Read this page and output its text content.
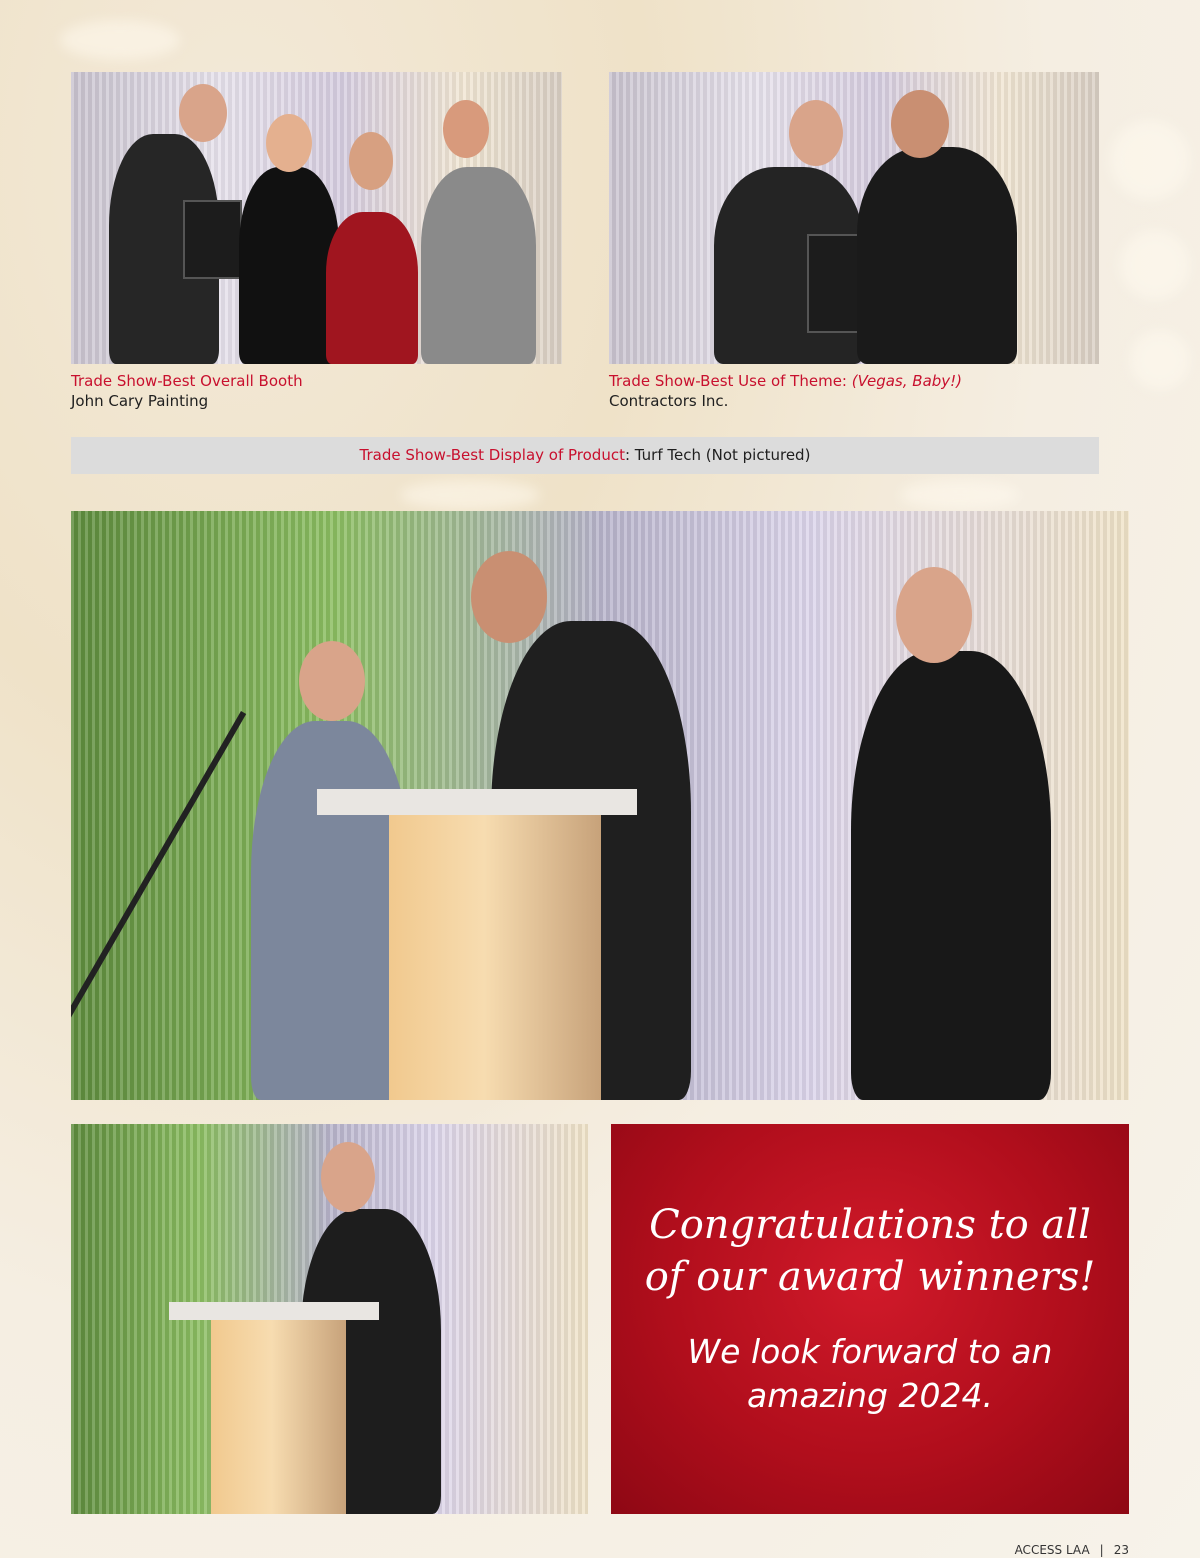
Trade Show-Best Overall Booth
John Cary Painting
Trade Show-Best Use of Theme: (Vegas, Baby!)
Contractors Inc.
Trade Show-Best Display of Product: Turf Tech (Not pictured)
Congratulations to all
of our award winners!
We look forward to an
amazing 2024.
ACCESS LAA | 23
